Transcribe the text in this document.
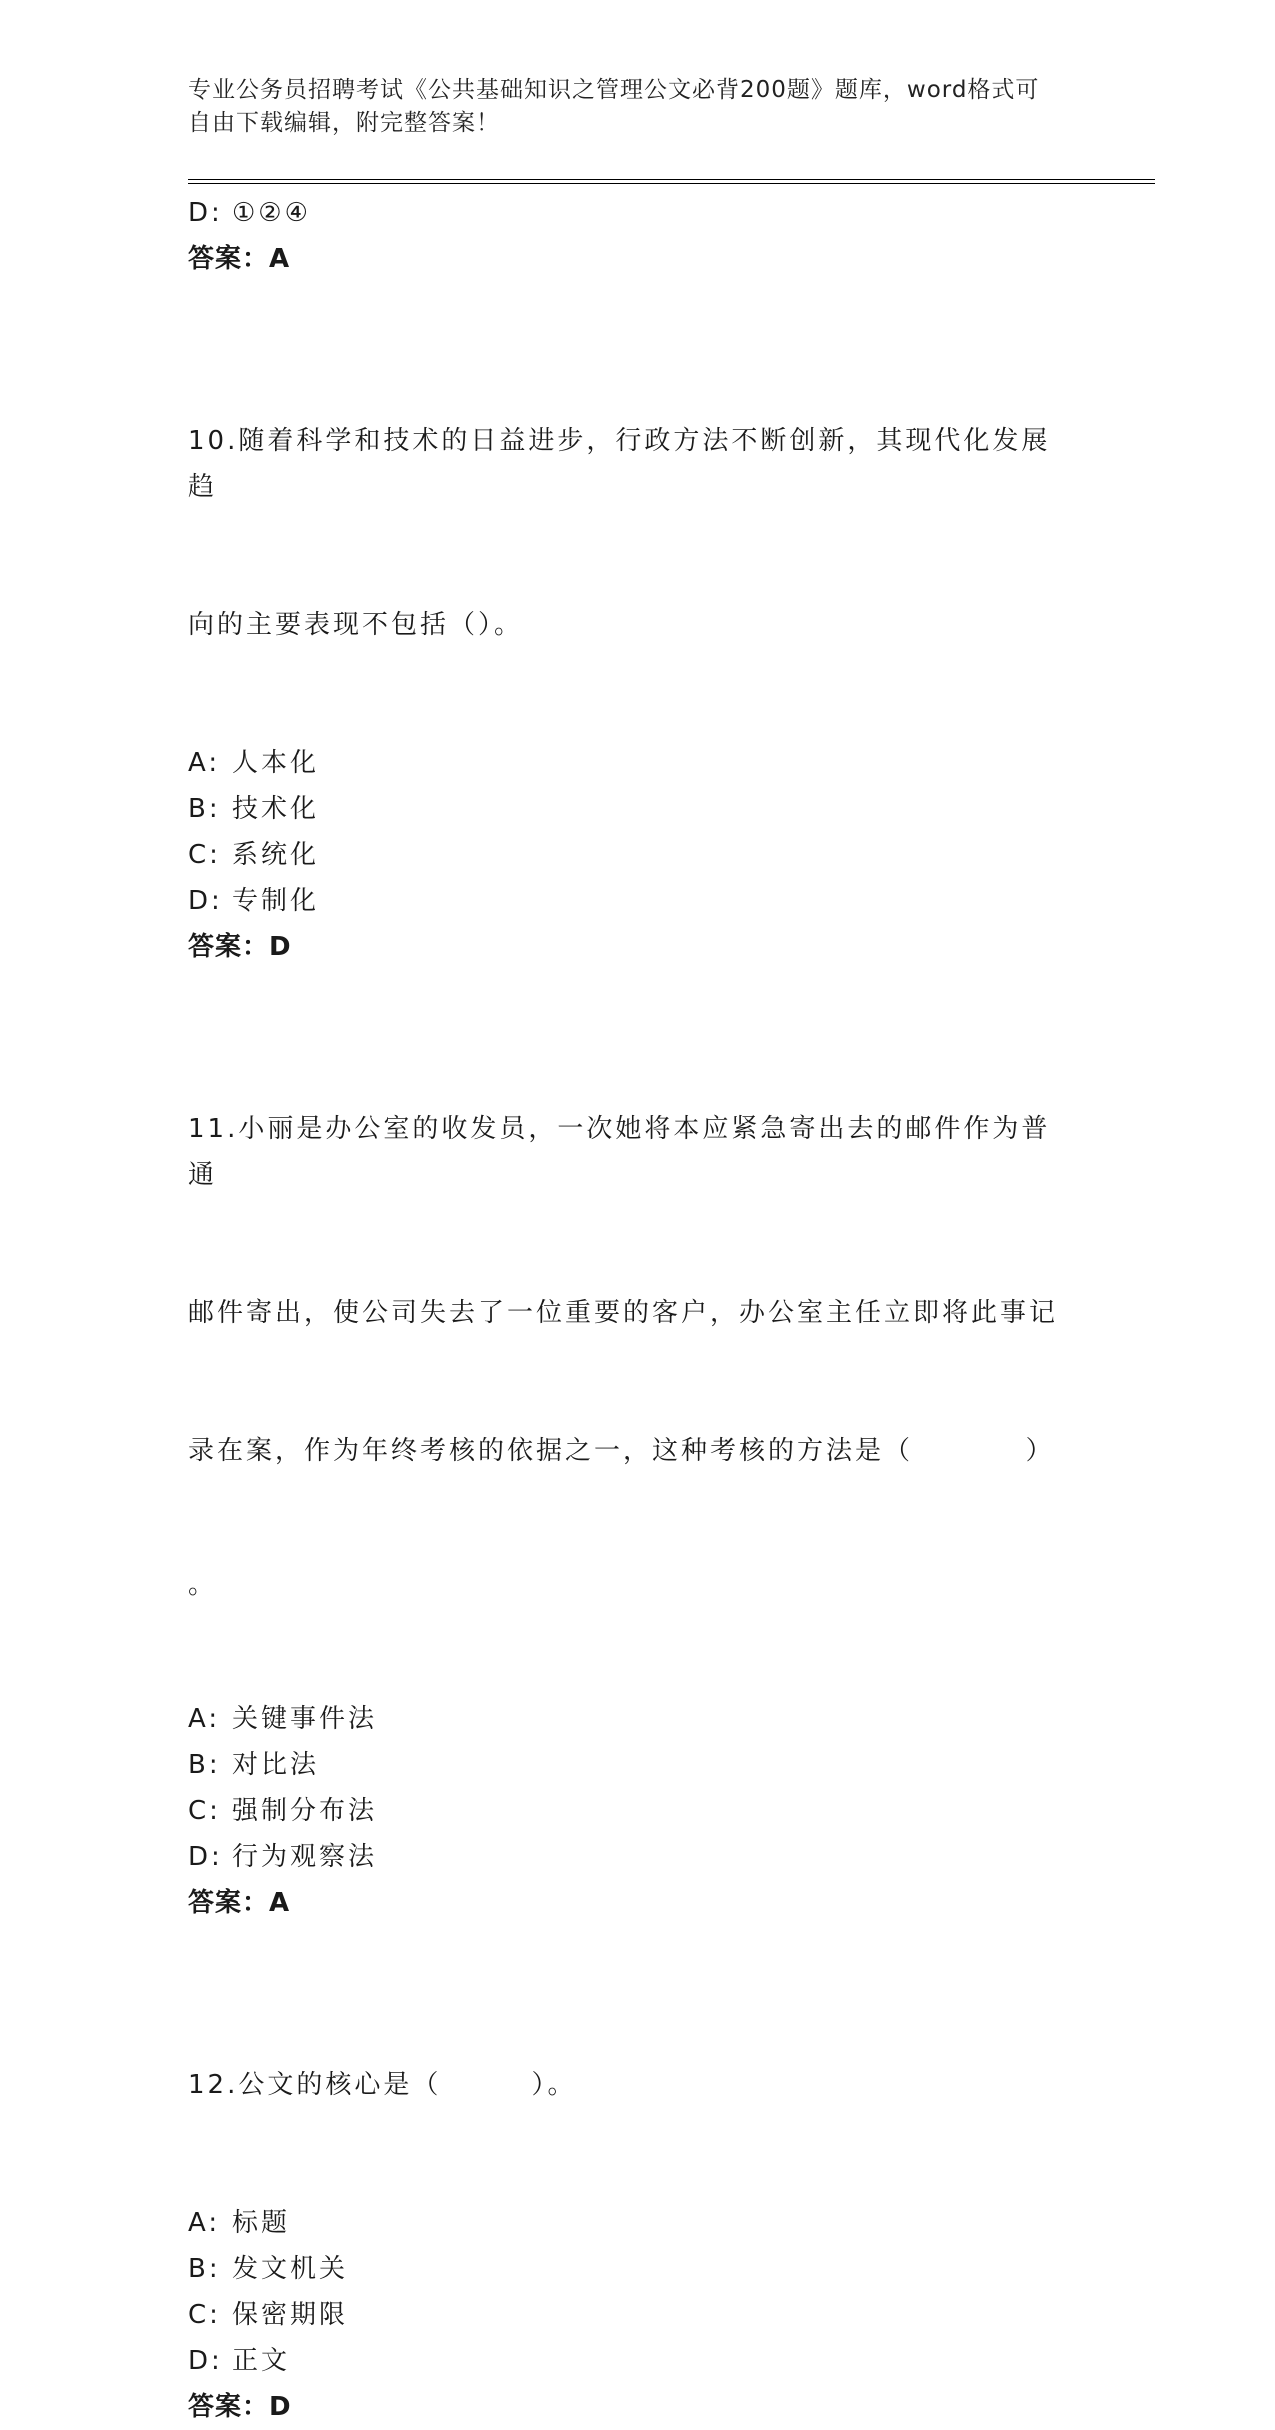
专业公务员招聘考试《公共基础知识之管理公文必背200题》题库，word格式可
自由下载编辑，附完整答案！
D: ①②④
答案：A

10.随着科学和技术的日益进步，行政方法不断创新，其现代化发展趋

向的主要表现不包括（）。

A: 人本化
B: 技术化
C: 系统化
D: 专制化
答案：D

11.小丽是办公室的收发员，一次她将本应紧急寄出去的邮件作为普通

邮件寄出，使公司失去了一位重要的客户，办公室主任立即将此事记

录在案，作为年终考核的依据之一，这种考核的方法是（          ）

。

A: 关键事件法
B: 对比法
C: 强制分布法
D: 行为观察法
答案：A

12.公文的核心是（        ）。

A: 标题
B: 发文机关
C: 保密期限
D: 正文
答案：D
